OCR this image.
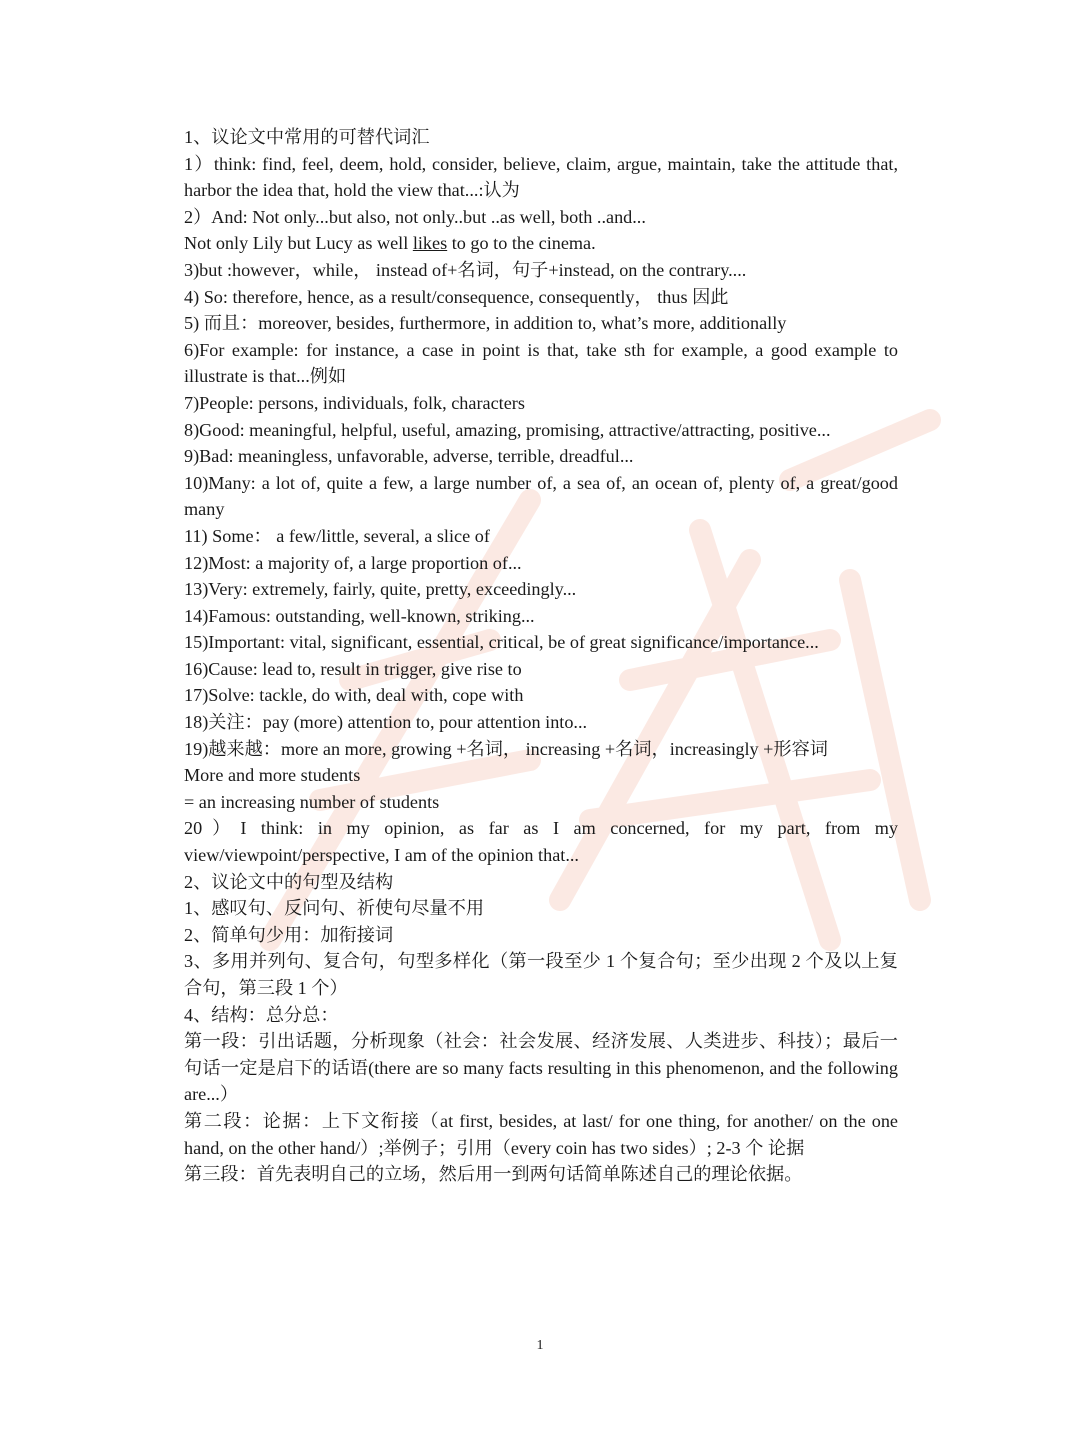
1、议论文中常用的可替代词汇

1）think: find, feel, deem, hold, consider, believe, claim, argue, maintain, take the attitude that, harbor the idea that, hold the view that...:认为

2）And: Not only...but also, not only..but ..as well, both ..and...

Not only Lily but Lucy as well likes to go to the cinema.

3)but :however，while， instead of+名词，句子+instead, on the contrary....

4) So: therefore, hence, as a result/consequence, consequently， thus 因此

5) 而且：moreover, besides, furthermore, in addition to, what’s more, additionally

6)For example: for instance, a case in point is that, take sth for example, a good example to illustrate is that...例如

7)People: persons, individuals, folk, characters

8)Good: meaningful, helpful, useful, amazing, promising, attractive/attracting, positive...

9)Bad: meaningless, unfavorable, adverse, terrible, dreadful...

10)Many: a lot of, quite a few, a large number of, a sea of, an ocean of, plenty of, a great/good many

11) Some： a few/little, several, a slice of

12)Most: a majority of, a large proportion of...

13)Very: extremely, fairly, quite, pretty, exceedingly...

14)Famous: outstanding, well-known, striking...

15)Important: vital, significant, essential, critical, be of great significance/importance...

16)Cause: lead to, result in trigger, give rise to

17)Solve: tackle, do with, deal with, cope with

18)关注：pay (more) attention to, pour attention into...

19)越来越：more an more, growing +名词， increasing +名词，increasingly +形容词

More and more students

= an increasing number of students

20）I think: in my opinion, as far as I am concerned, for my part, from my view/viewpoint/perspective, I am of the opinion that...

2、议论文中的句型及结构

1、感叹句、反问句、祈使句尽量不用

2、简单句少用：加衔接词

3、多用并列句、复合句，句型多样化（第一段至少 1 个复合句；至少出现 2 个及以上复合句，第三段 1 个）

4、结构：总分总：

第一段：引出话题，分析现象（社会：社会发展、经济发展、人类进步、科技）；最后一句话一定是启下的话语(there are so many facts resulting in this phenomenon, and the following are...）

第二段：论据：上下文衔接（at first, besides, at last/ for one thing, for another/ on the one hand, on the other hand/）;举例子；引用（every coin has two sides）; 2-3 个 论据

第三段：首先表明自己的立场，然后用一到两句话简单陈述自己的理论依据。

1
